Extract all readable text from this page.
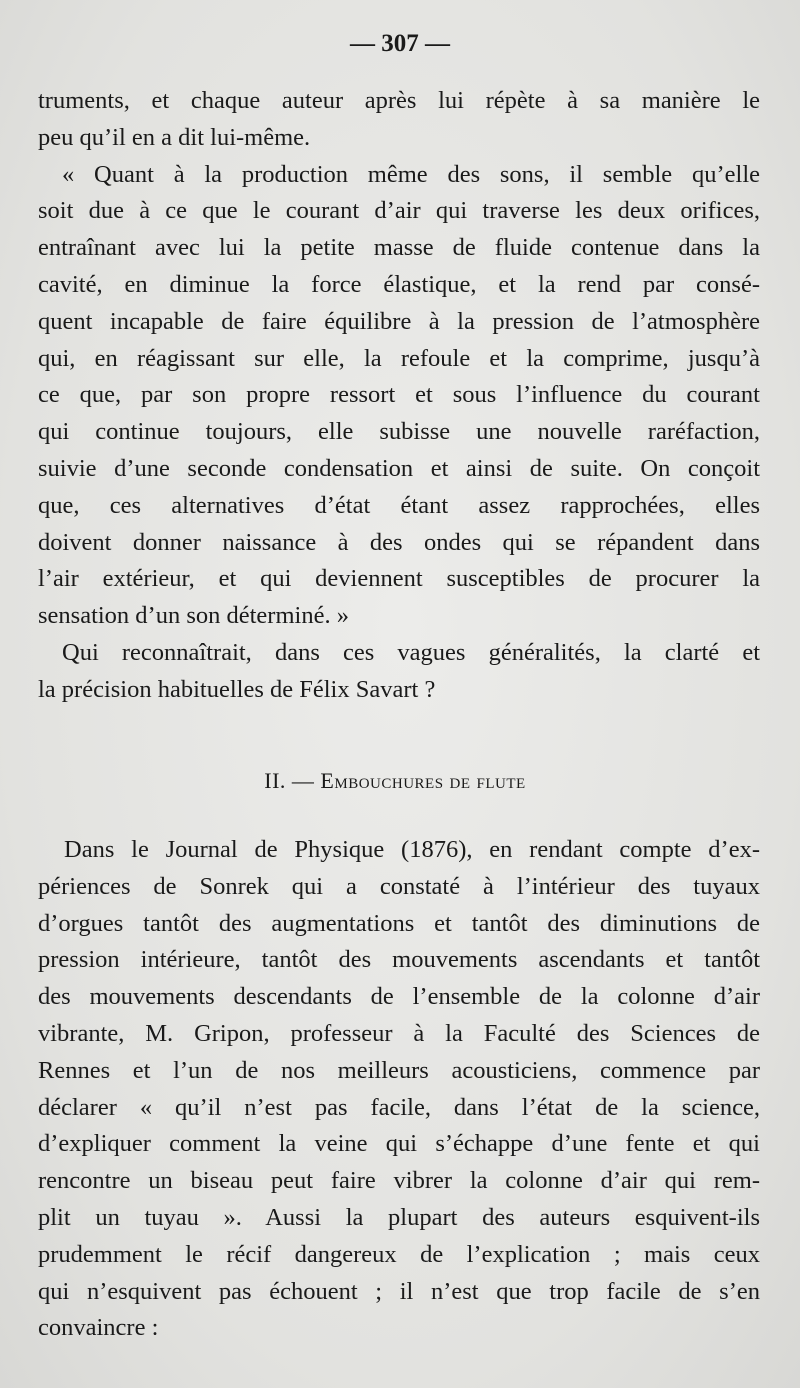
— 307 —
truments, et chaque auteur après lui répète à sa manière le
peu qu’il en a dit lui-même.
« Quant à la production même des sons, il semble qu’elle
soit due à ce que le courant d’air qui traverse les deux orifices,
entraînant avec lui la petite masse de fluide contenue dans la
cavité, en diminue la force élastique, et la rend par consé-
quent incapable de faire équilibre à la pression de l’atmosphère
qui, en réagissant sur elle, la refoule et la comprime, jusqu’à
ce que, par son propre ressort et sous l’influence du courant
qui continue toujours, elle subisse une nouvelle raréfaction,
suivie d’une seconde condensation et ainsi de suite. On conçoit
que, ces alternatives d’état étant assez rapprochées, elles
doivent donner naissance à des ondes qui se répandent dans
l’air extérieur, et qui deviennent susceptibles de procurer la
sensation d’un son déterminé. »
Qui reconnaîtrait, dans ces vagues généralités, la clarté et
la précision habituelles de Félix Savart ?
II. — Embouchures de flute
Dans le Journal de Physique (1876), en rendant compte d’ex-
périences de Sonrek qui a constaté à l’intérieur des tuyaux
d’orgues tantôt des augmentations et tantôt des diminutions de
pression intérieure, tantôt des mouvements ascendants et tantôt
des mouvements descendants de l’ensemble de la colonne d’air
vibrante, M. Gripon, professeur à la Faculté des Sciences de
Rennes et l’un de nos meilleurs acousticiens, commence par
déclarer « qu’il n’est pas facile, dans l’état de la science,
d’expliquer comment la veine qui s’échappe d’une fente et qui
rencontre un biseau peut faire vibrer la colonne d’air qui rem-
plit un tuyau ». Aussi la plupart des auteurs esquivent-ils
prudemment le récif dangereux de l’explication ; mais ceux
qui n’esquivent pas échouent ; il n’est que trop facile de s’en
convaincre :
